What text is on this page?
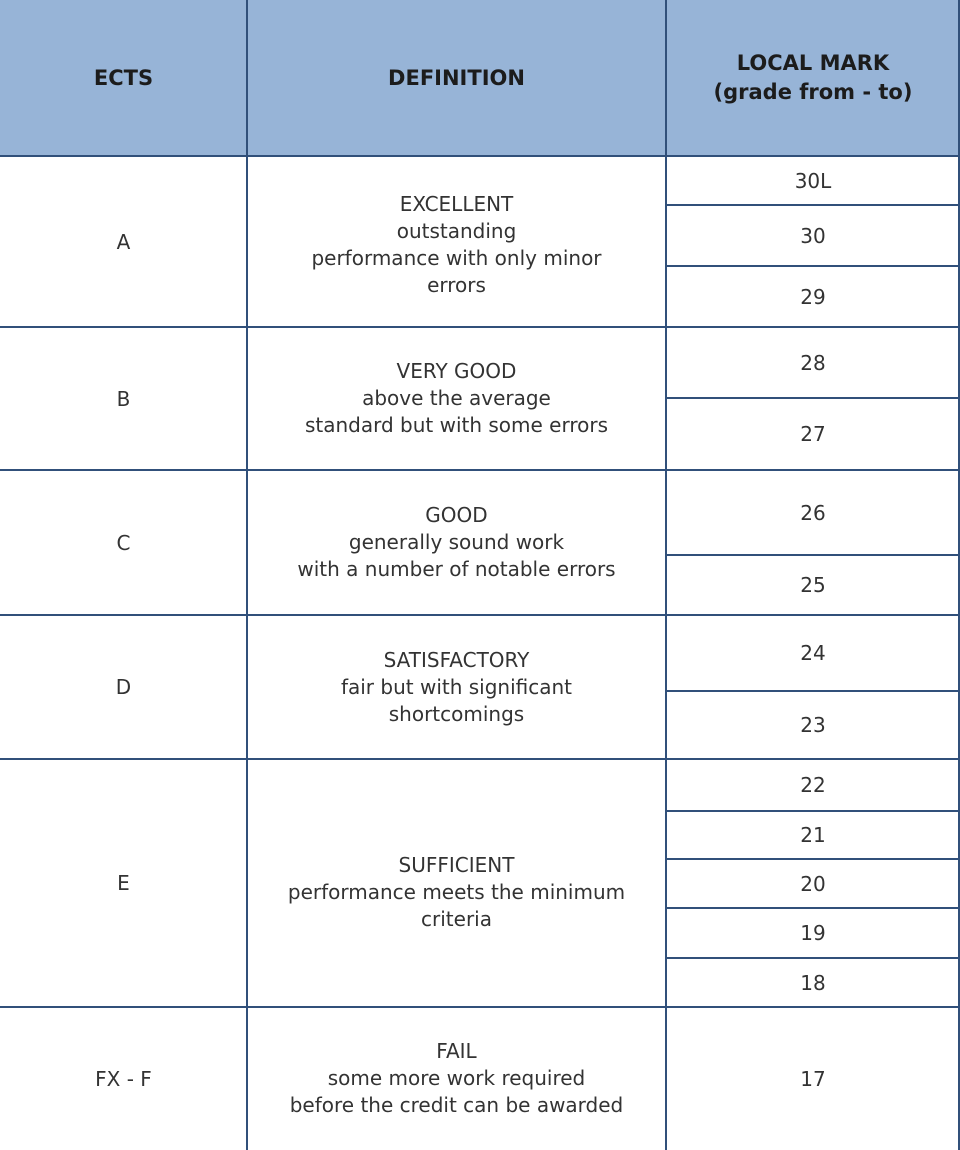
ECTS	DEFINITION
LOCAL MARK
(grade from - to)
A
EXCELLENT
outstanding
performance with only minor
errors
30L
30
29
B
VERY GOOD
above the average
standard but with some errors
28
27
C
GOOD
generally sound work
with a number of notable errors
26
25
D
SATISFACTORY
fair but with significant
shortcomings
24
23
E
SUFFICIENT
performance meets the minimum
criteria
22
21
20
19
18
FX - F
FAIL
some more work required
before the credit can be awarded
17
